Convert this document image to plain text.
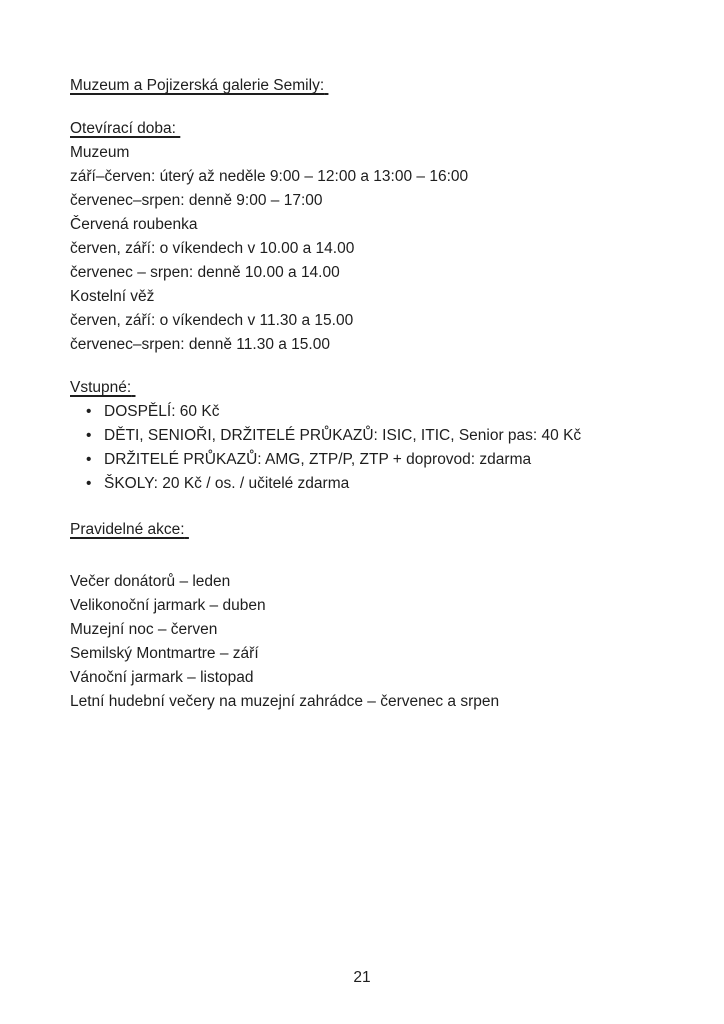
Muzeum a Pojizerská galerie Semily:
Otevírací doba:
Muzeum
září–červen: úterý až neděle 9:00 – 12:00 a 13:00 – 16:00
červenec–srpen: denně 9:00 – 17:00
Červená roubenka
červen, září: o víkendech v 10.00 a 14.00
červenec – srpen: denně 10.00 a 14.00
Kostelní věž
červen, září: o víkendech v 11.30 a 15.00
červenec–srpen: denně 11.30 a 15.00
Vstupné:
• DOSPĚLÍ: 60 Kč
• DĚTI, SENIOŘI, DRŽITELÉ PRŮKAZŮ: ISIC, ITIC, Senior pas: 40 Kč
• DRŽITELÉ PRŮKAZŮ: AMG, ZTP/P, ZTP + doprovod: zdarma
• ŠKOLY: 20 Kč / os. / učitelé zdarma
Pravidelné akce:
Večer donátorů – leden
Velikonoční jarmark – duben
Muzejní noc – červen
Semilský Montmartre – září
Vánoční jarmark – listopad
Letní hudební večery na muzejní zahrádce – červenec a srpen
21
